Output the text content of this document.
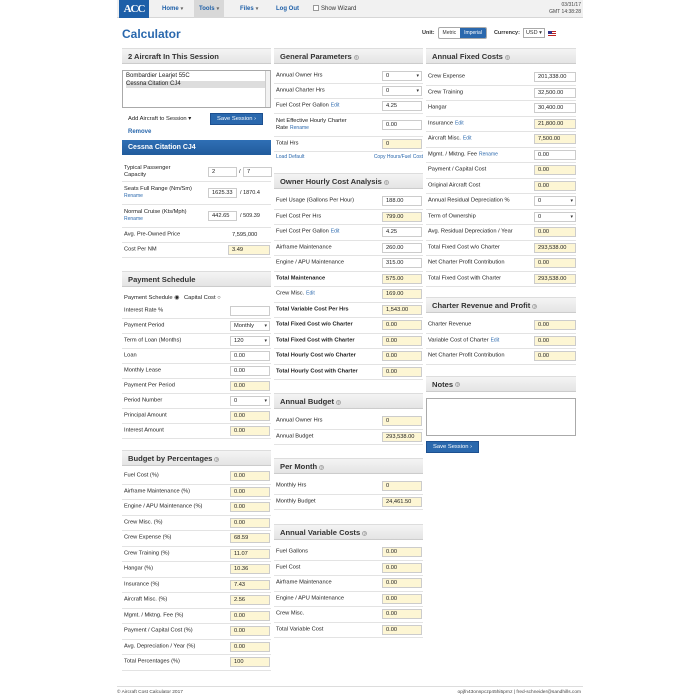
ACC	Home ▾	Tools ▾	Files ▾	Log Out	Show Wizard
03/31/17
GMT 14:38:28
Calculator	Unit:	Metric	Imperial	Currency:	USD ▾
2 Aircraft In This Session
Bombardier Learjet 55C
Cessna Citation CJ4
Add Aircraft to Session ▾	Save Session ›
Remove
Cessna Citation CJ4
Typical Passenger Capacity	2	/	7
Seats Full Range (Nm/Sm) Rename	1625.33	/ 1870.4
Normal Cruise (Kts/Mph) Rename	442.65	/ 509.39
Avg. Pre-Owned Price	7,595,000
Cost Per NM	3.49
Payment Schedule
Payment Schedule ◉ Capital Cost ○
Interest Rate %
Payment Period	Monthly ▾
Term of Loan (Months)	120 ▾
Loan	0.00
Monthly Lease	0.00
Payment Per Period	0.00
Period Number	0 ▾
Principal Amount	0.00
Interest Amount	0.00
Budget by Percentages ?
Fuel Cost (%)	0.00
Airframe Maintenance (%)	0.00
Engine / APU Maintenance (%)	0.00
Crew Misc. (%)	0.00
Crew Expense (%)	68.59
Crew Training (%)	11.07
Hangar (%)	10.36
Insurance (%)	7.43
Aircraft Misc. (%)	2.56
Mgmt. / Mktng. Fee (%)	0.00
Payment / Capital Cost (%)	0.00
Avg. Depreciation / Year (%)	0.00
Total Percentages (%)	100
General Parameters ?
Annual Owner Hrs	0 ▾
Annual Charter Hrs	0 ▾
Fuel Cost Per Gallon Edit	4.25
Net Effective Hourly Charter Rate Rename	0.00
Total Hrs	0
Load Default	Copy Hours/Fuel Cost
Owner Hourly Cost Analysis ?
Fuel Usage (Gallons Per Hour)	188.00
Fuel Cost Per Hrs	799.00
Fuel Cost Per Gallon Edit	4.25
Airframe Maintenance	260.00
Engine / APU Maintenance	315.00
Total Maintenance	575.00
Crew Misc. Edit	169.00
Total Variable Cost Per Hrs	1,543.00
Total Fixed Cost w/o Charter	0.00
Total Fixed Cost with Charter	0.00
Total Hourly Cost w/o Charter	0.00
Total Hourly Cost with Charter	0.00
Annual Budget ?
Annual Owner Hrs	0
Annual Budget	293,538.00
Per Month ?
Monthly Hrs	0
Monthly Budget	24,461.50
Annual Variable Costs ?
Fuel Gallons	0.00
Fuel Cost	0.00
Airframe Maintenance	0.00
Engine / APU Maintenance	0.00
Crew Misc.	0.00
Total Variable Cost	0.00
Annual Fixed Costs ?
Crew Expense	201,338.00
Crew Training	32,500.00
Hangar	30,400.00
Insurance Edit	21,800.00
Aircraft Misc. Edit	7,500.00
Mgmt. / Mktng. Fee Rename	0.00
Payment / Capital Cost	0.00
Original Aircraft Cost	0.00
Annual Residual Depreciation %	0 ▾
Term of Ownership	0 ▾
Avg. Residual Depreciation / Year	0.00
Total Fixed Cost w/o Charter	293,538.00
Net Charter Profit Contribution	0.00
Total Fixed Cost with Charter	293,538.00
Charter Revenue and Profit ?
Charter Revenue	0.00
Variable Cost of Charter Edit	0.00
Net Charter Profit Contribution	0.00
Notes ?
Save Session ›
© Aircraft Cost Calculator 2017	opjfn43onnpczp45hi5prnz | fred-schneider@sandhills.com
